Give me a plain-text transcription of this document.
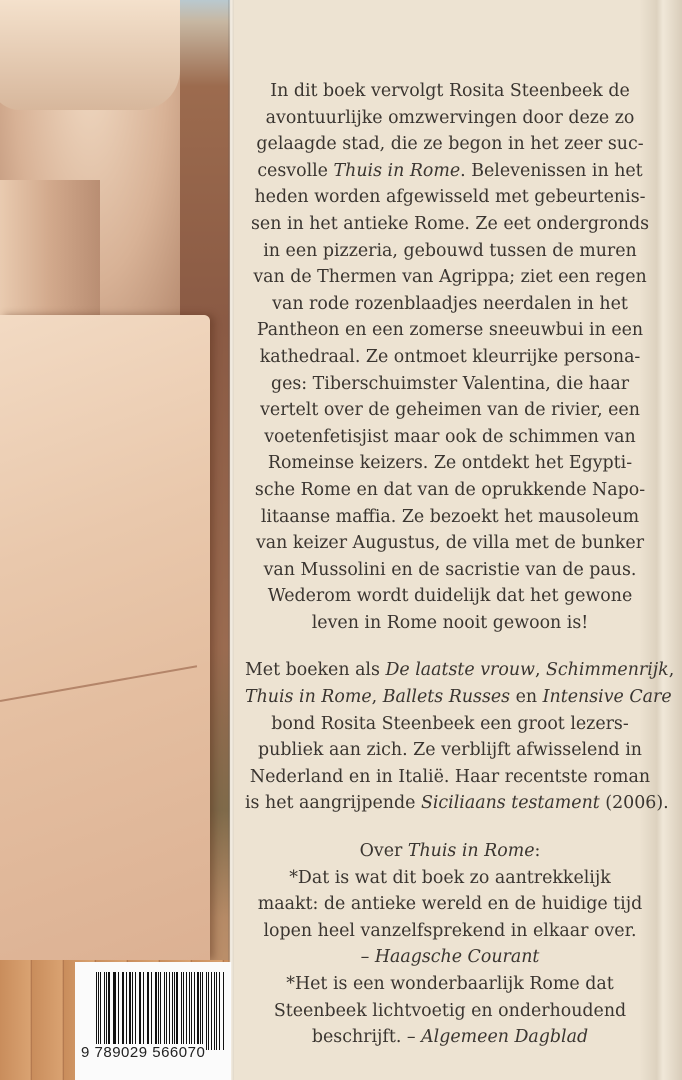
In dit boek vervolgt Rosita Steenbeek de
avontuurlijke omzwervingen door deze zo
gelaagde stad, die ze begon in het zeer suc-
cesvolle Thuis in Rome. Belevenissen in het
heden worden afgewisseld met gebeurtenis-
sen in het antieke Rome. Ze eet ondergronds
in een pizzeria, gebouwd tussen de muren
van de Thermen van Agrippa; ziet een regen
van rode rozenblaadjes neerdalen in het
Pantheon en een zomerse sneeuwbui in een
kathedraal. Ze ontmoet kleurrijke persona-
ges: Tiberschuimster Valentina, die haar
vertelt over de geheimen van de rivier, een
voetenfetisjist maar ook de schimmen van
Romeinse keizers. Ze ontdekt het Egypti-
sche Rome en dat van de oprukkende Napo-
litaanse maffia. Ze bezoekt het mausoleum
van keizer Augustus, de villa met de bunker
van Mussolini en de sacristie van de paus.
Wederom wordt duidelijk dat het gewone
leven in Rome nooit gewoon is!
Met boeken als De laatste vrouw, Schimmenrijk,
Thuis in Rome, Ballets Russes en Intensive Care
bond Rosita Steenbeek een groot lezers-
publiek aan zich. Ze verblijft afwisselend in
Nederland en in Italië. Haar recentste roman
is het aangrijpende Siciliaans testament (2006).
Over Thuis in Rome:
*Dat is wat dit boek zo aantrekkelijk
maakt: de antieke wereld en de huidige tijd
lopen heel vanzelfsprekend in elkaar over.
– Haagsche Courant
*Het is een wonderbaarlijk Rome dat
Steenbeek lichtvoetig en onderhoudend
beschrijft. – Algemeen Dagblad
9 789029 566070
